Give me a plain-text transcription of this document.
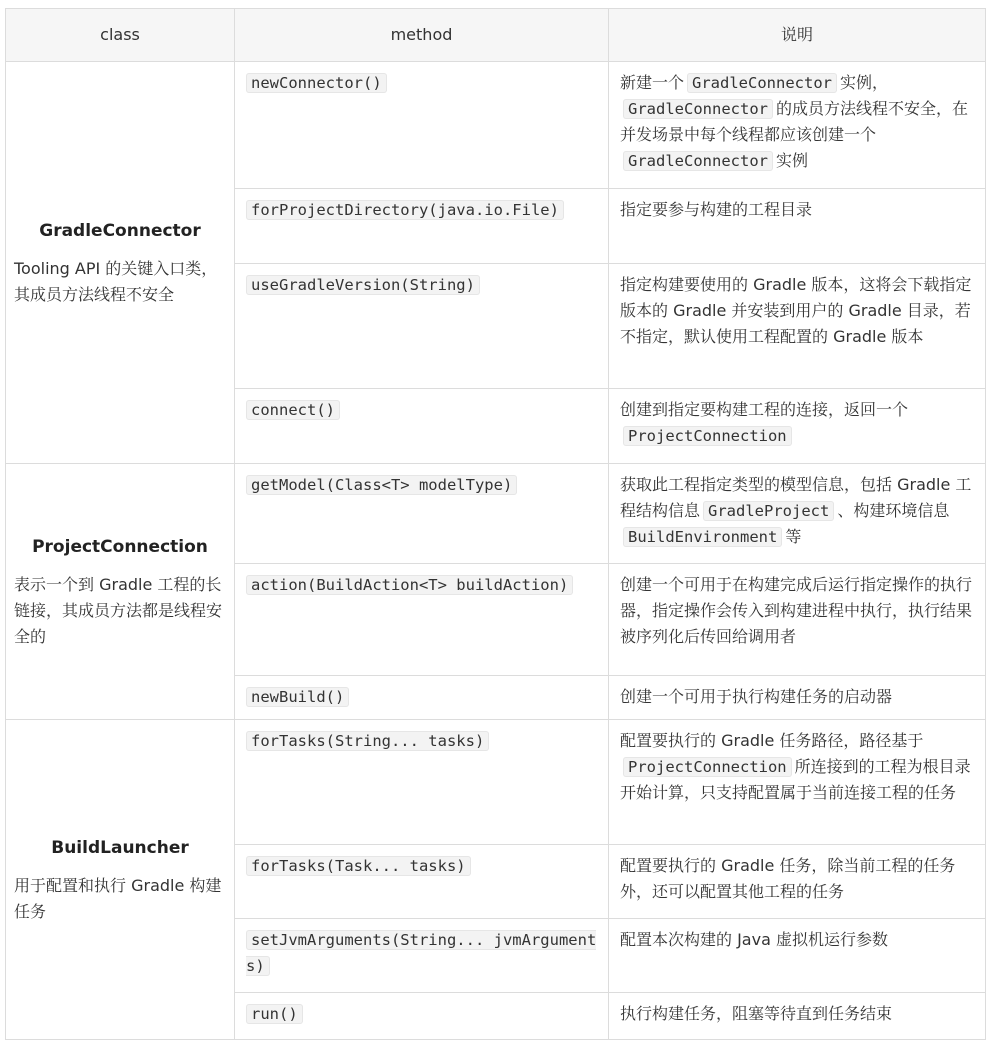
class	method	说明

GradleConnector
Tooling API 的关键入口类，其成员方法线程不安全	newConnector()	新建一个 GradleConnector 实例，GradleConnector 的成员方法线程不安全，在并发场景中每个线程都应该创建一个GradleConnector 实例
	forProjectDirectory(java.io.File)	指定要参与构建的工程目录
	useGradleVersion(String)	指定构建要使用的 Gradle 版本，这将会下载指定版本的 Gradle 并安装到用户的 Gradle 目录，若不指定，默认使用工程配置的 Gradle 版本
	connect()	创建到指定要构建工程的连接，返回一个ProjectConnection

ProjectConnection
表示一个到 Gradle 工程的长链接，其成员方法都是线程安全的	getModel(Class<T> modelType)	获取此工程指定类型的模型信息，包括 Gradle 工程结构信息 GradleProject 、构建环境信息BuildEnvironment 等
	action(BuildAction<T> buildAction)	创建一个可用于在构建完成后运行指定操作的执行器，指定操作会传入到构建进程中执行，执行结果被序列化后传回给调用者
	newBuild()	创建一个可用于执行构建任务的启动器

BuildLauncher
用于配置和执行 Gradle 构建任务	forTasks(String... tasks)	配置要执行的 Gradle 任务路径，路径基于ProjectConnection 所连接到的工程为根目录开始计算，只支持配置属于当前连接工程的任务
	forTasks(Task... tasks)	配置要执行的 Gradle 任务，除当前工程的任务外，还可以配置其他工程的任务
	setJvmArguments(String... jvmArguments)	配置本次构建的 Java 虚拟机运行参数
	run()	执行构建任务，阻塞等待直到任务结束
